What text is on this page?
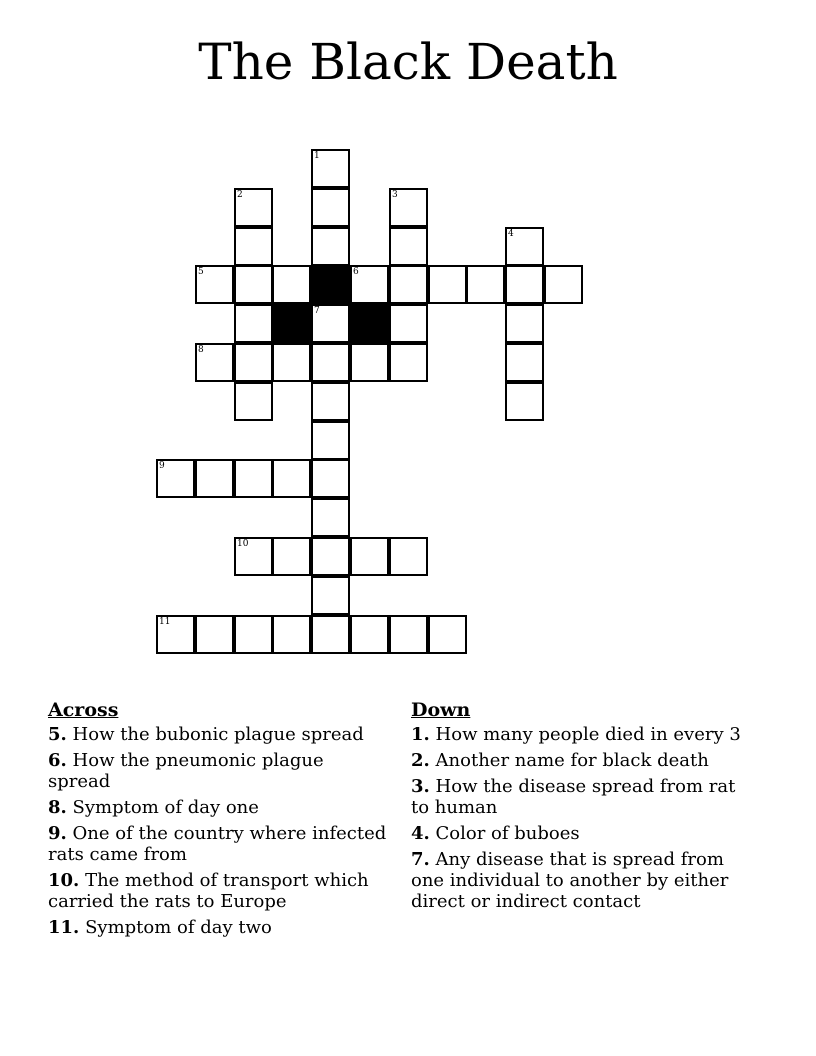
The Black Death
1
2	3
4
5	6
7
8
9
10
11
Across
5. How the bubonic plague spread
6. How the pneumonic plague spread
8. Symptom of day one
9. One of the country where infected rats came from
10. The method of transport which carried the rats to Europe
11. Symptom of day two
Down
1. How many people died in every 3
2. Another name for black death
3. How the disease spread from rat to human
4. Color of buboes
7. Any disease that is spread from one individual to another by either direct or indirect contact
